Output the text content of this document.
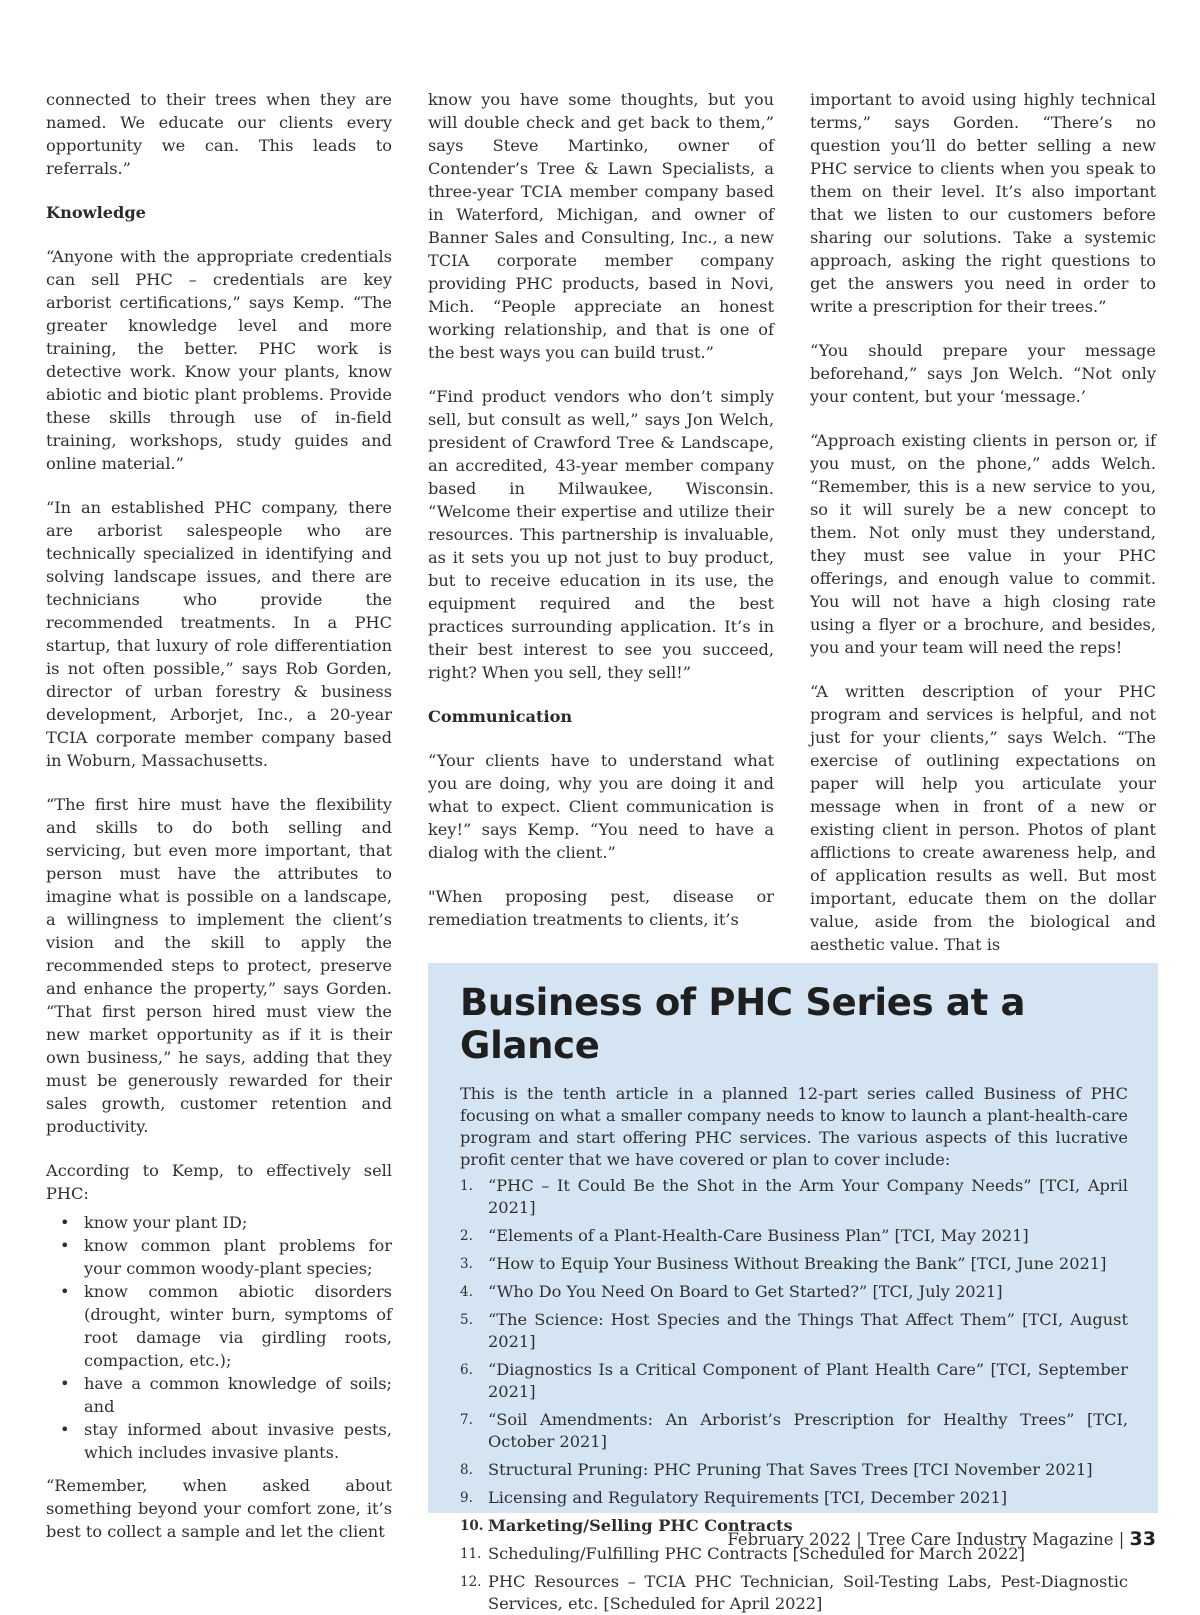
connected to their trees when they are named. We educate our clients every opportunity we can. This leads to referrals.”

Knowledge

“Anyone with the appropriate credentials can sell PHC – credentials are key arborist certifications,” says Kemp. “The greater knowledge level and more training, the better. PHC work is detective work. Know your plants, know abiotic and biotic plant problems. Provide these skills through use of in-field training, workshops, study guides and online material.”

“In an established PHC company, there are arborist salespeople who are technically specialized in identifying and solving landscape issues, and there are technicians who provide the recommended treatments. In a PHC startup, that luxury of role differentiation is not often possible,” says Rob Gorden, director of urban forestry & business development, Arborjet, Inc., a 20-year TCIA corporate member company based in Woburn, Massachusetts.

“The first hire must have the flexibility and skills to do both selling and servicing, but even more important, that person must have the attributes to imagine what is possible on a landscape, a willingness to implement the client’s vision and the skill to apply the recommended steps to protect, preserve and enhance the property,” says Gorden. “That first person hired must view the new market opportunity as if it is their own business,” he says, adding that they must be generously rewarded for their sales growth, customer retention and productivity.

According to Kemp, to effectively sell PHC:

• know your plant ID;
• know common plant problems for your common woody-plant species;
• know common abiotic disorders (drought, winter burn, symptoms of root damage via girdling roots, compaction, etc.);
• have a common knowledge of soils; and
• stay informed about invasive pests, which includes invasive plants.

“Remember, when asked about something beyond your comfort zone, it’s best to collect a sample and let the client

know you have some thoughts, but you will double check and get back to them,” says Steve Martinko, owner of Contender’s Tree & Lawn Specialists, a three-year TCIA member company based in Waterford, Michigan, and owner of Banner Sales and Consulting, Inc., a new TCIA corporate member company providing PHC products, based in Novi, Mich. “People appreciate an honest working relationship, and that is one of the best ways you can build trust.”

“Find product vendors who don’t simply sell, but consult as well,” says Jon Welch, president of Crawford Tree & Landscape, an accredited, 43-year member company based in Milwaukee, Wisconsin. “Welcome their expertise and utilize their resources. This partnership is invaluable, as it sets you up not just to buy product, but to receive education in its use, the equipment required and the best practices surrounding application. It’s in their best interest to see you succeed, right? When you sell, they sell!”

Communication

“Your clients have to understand what you are doing, why you are doing it and what to expect. Client communication is key!” says Kemp. “You need to have a dialog with the client.”

"When proposing pest, disease or remediation treatments to clients, it’s

important to avoid using highly technical terms,” says Gorden. “There’s no question you’ll do better selling a new PHC service to clients when you speak to them on their level. It’s also important that we listen to our customers before sharing our solutions. Take a systemic approach, asking the right questions to get the answers you need in order to write a prescription for their trees.”

“You should prepare your message beforehand,” says Jon Welch. “Not only your content, but your ‘message.’

“Approach existing clients in person or, if you must, on the phone,” adds Welch. “Remember, this is a new service to you, so it will surely be a new concept to them. Not only must they understand, they must see value in your PHC offerings, and enough value to commit. You will not have a high closing rate using a flyer or a brochure, and besides, you and your team will need the reps!

“A written description of your PHC program and services is helpful, and not just for your clients,” says Welch. “The exercise of outlining expectations on paper will help you articulate your message when in front of a new or existing client in person. Photos of plant afflictions to create awareness help, and of application results as well. But most important, educate them on the dollar value, aside from the biological and aesthetic value. That is

Business of PHC Series at a Glance

This is the tenth article in a planned 12-part series called Business of PHC focusing on what a smaller company needs to know to launch a plant-health-care program and start offering PHC services. The various aspects of this lucrative profit center that we have covered or plan to cover include:

1. “PHC – It Could Be the Shot in the Arm Your Company Needs” [TCI, April 2021]
2. “Elements of a Plant-Health-Care Business Plan” [TCI, May 2021]
3. “How to Equip Your Business Without Breaking the Bank” [TCI, June 2021]
4. “Who Do You Need On Board to Get Started?” [TCI, July 2021]
5. “The Science: Host Species and the Things That Affect Them” [TCI, August 2021]
6. “Diagnostics Is a Critical Component of Plant Health Care” [TCI, September 2021]
7. “Soil Amendments: An Arborist’s Prescription for Healthy Trees” [TCI, October 2021]
8. Structural Pruning: PHC Pruning That Saves Trees [TCI November 2021]
9. Licensing and Regulatory Requirements [TCI, December 2021]
10. Marketing/Selling PHC Contracts
11. Scheduling/Fulfilling PHC Contracts [Scheduled for March 2022]
12. PHC Resources – TCIA PHC Technician, Soil-Testing Labs, Pest-Diagnostic Services, etc. [Scheduled for April 2022]
February 2022 | Tree Care Industry Magazine | 33
